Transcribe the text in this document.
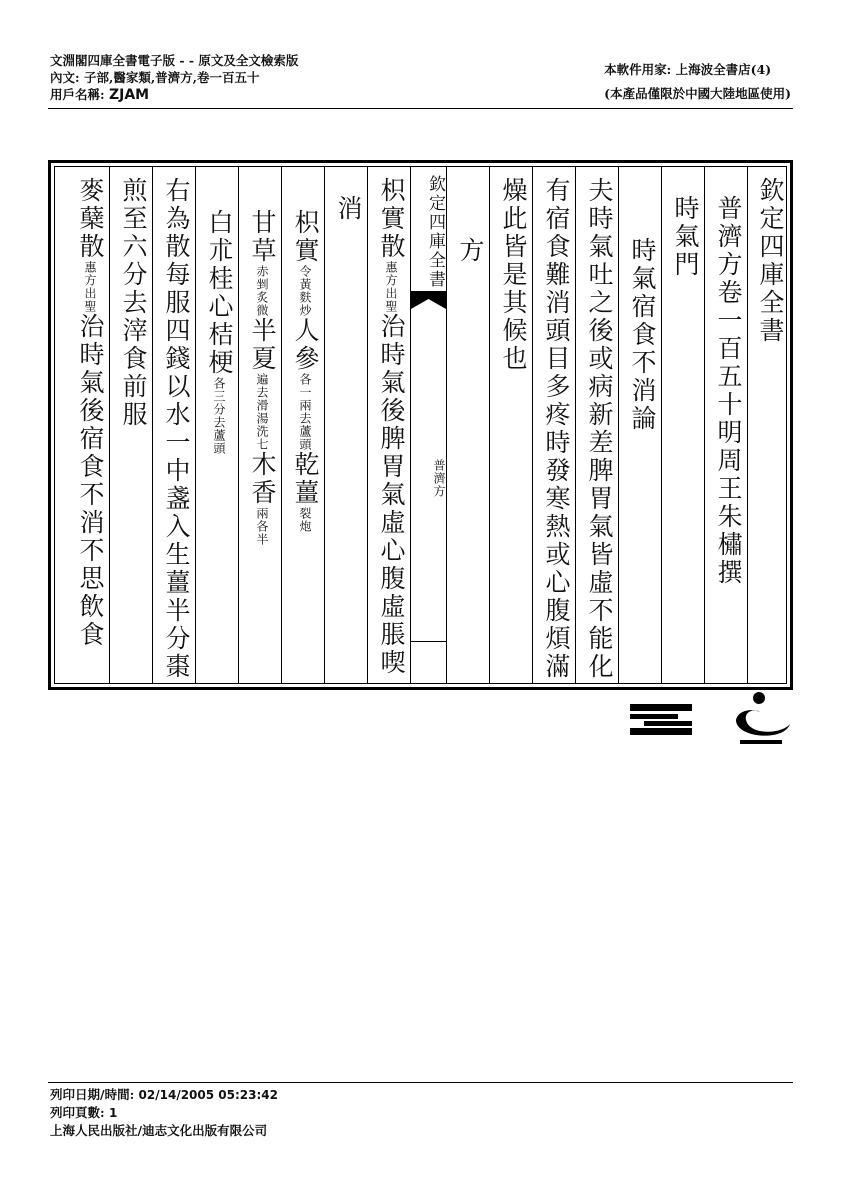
文淵閣四庫全書電子版 - - 原文及全文檢索版
內文: 子部,醫家類,普濟方,卷一百五十
用戶名稱: ZJAM
本軟件用家: 上海波全書店(4)
(本產品僅限於中國大陸地區使用)
欽定四庫全書
普濟方卷一百五十明周王朱橚撰
時氣門
時氣宿食不消論
夫時氣吐之後或病新差脾胃氣皆虛不能化
有宿食難消頭目多疼時發寒熱或心腹煩滿
燥此皆是其候也
方
欽定四庫全書
普濟方
枳實散惠方出聖治時氣後脾胃氣虛心腹虛脹喫
消
枳實令黃麩炒人參各一兩去蘆頭乾薑裂炮
甘草赤剉炙微半夏遍去滑湯洗七木香兩各半
白朮桂心桔梗各三分去蘆頭
右為散每服四錢以水一中盞入生薑半分棗
煎至六分去滓食前服
麥蘖散惠方出聖治時氣後宿食不消不思飲食
列印日期/時間: 02/14/2005 05:23:42
列印頁數: 1
上海人民出版社/迪志文化出版有限公司
